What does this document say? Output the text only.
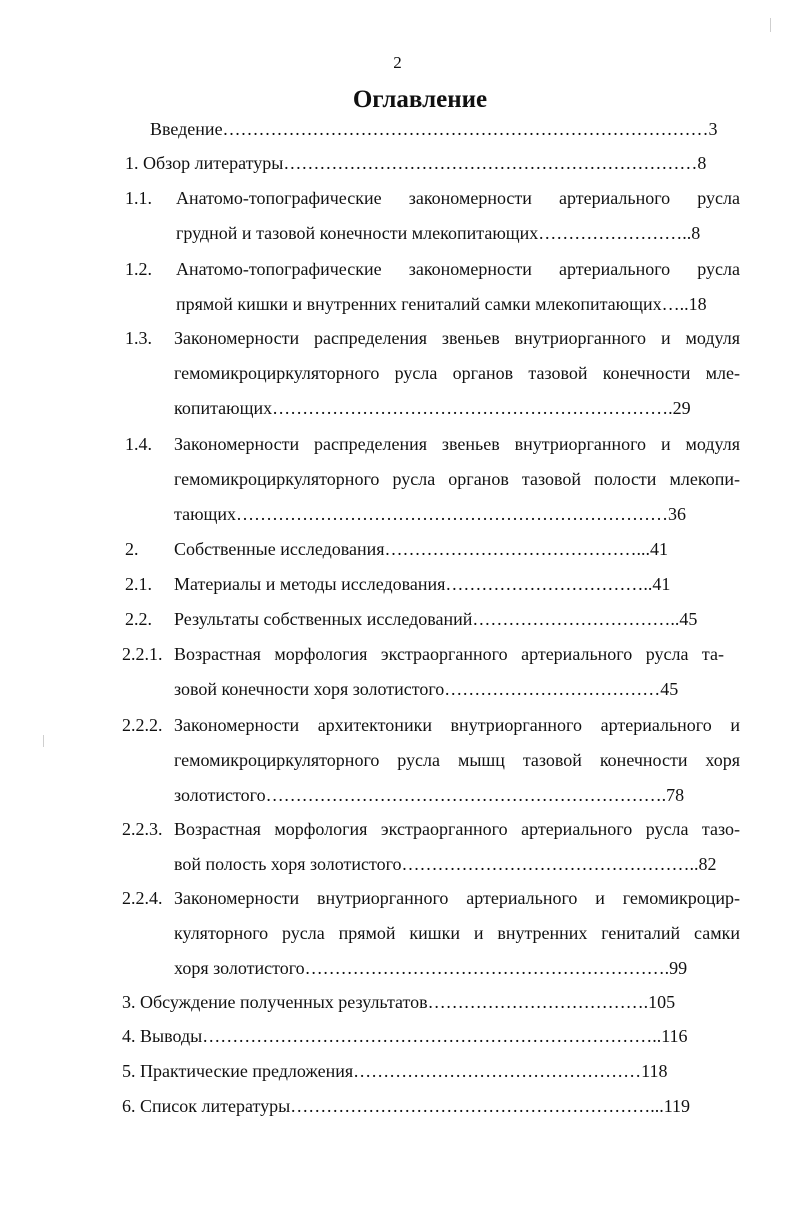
2
Оглавление
Введение………………………………………………………………………3
1. Обзор литературы……………………………………………………………8
1.1. Анатомо-топографические закономерности артериального русла
грудной и тазовой конечности млекопитающих……………………..8
1.2. Анатомо-топографические закономерности артериального русла
прямой кишки и внутренних гениталий самки млекопитающих…..18
1.3. Закономерности распределения звеньев внутриорганного и модуля
гемомикроциркуляторного русла органов тазовой конечности мле-
копитающих………………………………………………………….29
1.4. Закономерности распределения звеньев внутриорганного и модуля
гемомикроциркуляторного русла органов тазовой полости млекопи-
тающих………………………………………………………………36
2. Собственные исследования……………………………………...41
2.1. Материалы и методы исследования……………………………..41
2.2. Результаты собственных исследований……………………………..45
2.2.1. Возрастная морфология экстраорганного артериального русла та-
зовой конечности хоря золотистого………………………………45
2.2.2. Закономерности архитектоники внутриорганного артериального и
гемомикроциркуляторного русла мышц тазовой конечности хоря
золотистого………………………………………………………….78
2.2.3. Возрастная морфология экстраорганного артериального русла тазо-
вой полость хоря золотистого…………………………………………..82
2.2.4. Закономерности внутриорганного артериального и гемомикроцир-
куляторного русла прямой кишки и внутренних гениталий самки
хоря золотистого…………………………………………………….99
3. Обсуждение полученных результатов……………………………….105
4. Выводы…………………………………………………………………..116
5. Практические предложения…………………………………………118
6. Список литературы……………………………………………………...119
